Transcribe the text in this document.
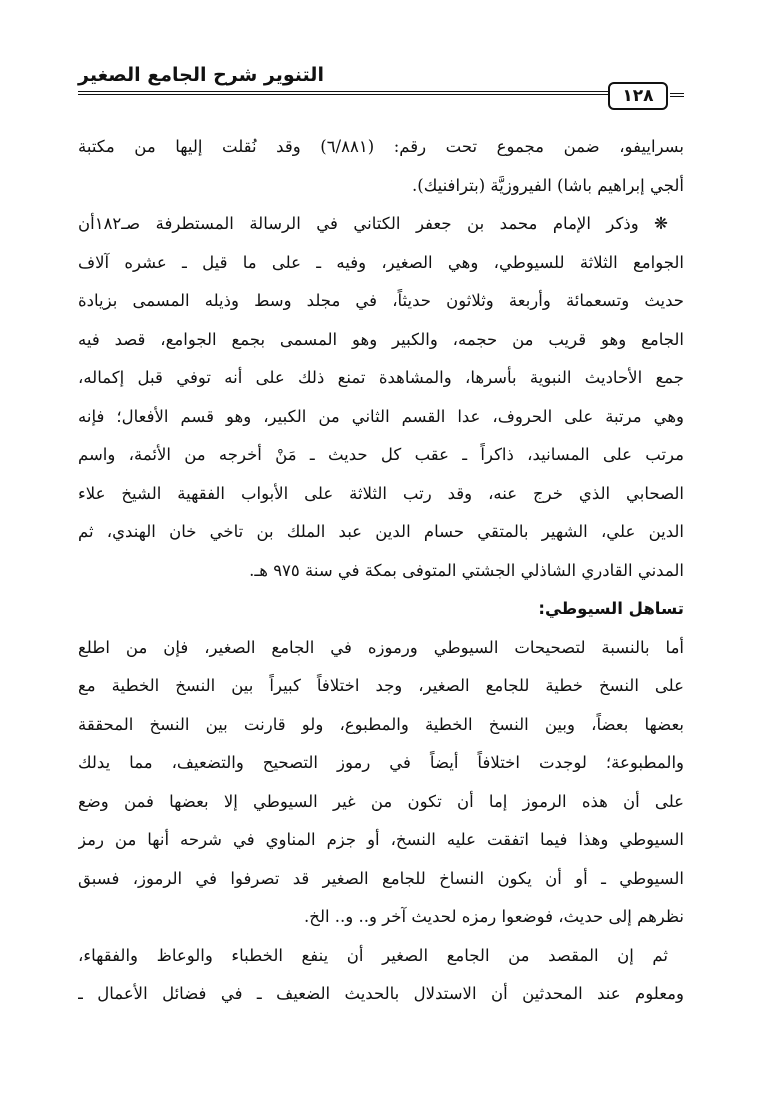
التنوير شرح الجامع الصغير
١٢٨
بسراييفو، ضمن مجموع تحت رقم: (٦/٨٨١) وقد نُقلت إليها من مكتبة
ألجي إبراهيم باشا) الفيروزيَّة (بترافنيك).
❋ وذكر الإمام محمد بن جعفر الكتاني في الرسالة المستطرفة صـ١٨٢أن
الجوامع الثلاثة للسيوطي، وهي الصغير، وفيه ـ على ما قيل ـ عشره آلاف
حديث وتسعمائة وأربعة وثلاثون حديثاً، في مجلد وسط وذيله المسمى بزيادة
الجامع وهو قريب من حجمه، والكبير وهو المسمى بجمع الجوامع، قصد فيه
جمع الأحاديث النبوية بأسرها، والمشاهدة تمنع ذلك على أنه توفي قبل إكماله،
وهي مرتبة على الحروف، عدا القسم الثاني من الكبير، وهو قسم الأفعال؛ فإنه
مرتب على المسانيد، ذاكراً ـ عقب كل حديث ـ مَنْ أخرجه من الأئمة، واسم
الصحابي الذي خرج عنه، وقد رتب الثلاثة على الأبواب الفقهية الشيخ علاء
الدين علي، الشهير بالمتقي حسام الدين عبد الملك بن تاخي خان الهندي، ثم
المدني القادري الشاذلي الجشتي المتوفى بمكة في سنة ٩٧٥ هـ.
تساهل السيوطي:
أما بالنسبة لتصحيحات السيوطي ورموزه في الجامع الصغير، فإن من اطلع
على النسخ خطية للجامع الصغير، وجد اختلافاً كبيراً بين النسخ الخطية مع
بعضها بعضاً، وبين النسخ الخطية والمطبوع، ولو قارنت بين النسخ المحققة
والمطبوعة؛ لوجدت اختلافاً أيضاً في رموز التصحيح والتضعيف، مما يدلك
على أن هذه الرموز إما أن تكون من غير السيوطي إلا بعضها فمن وضع
السيوطي وهذا فيما اتفقت عليه النسخ، أو جزم المناوي في شرحه أنها من رمز
السيوطي ـ أو أن يكون النساخ للجامع الصغير قد تصرفوا في الرموز، فسبق
نظرهم إلى حديث، فوضعوا رمزه لحديث آخر و.. و.. الخ.
ثم إن المقصد من الجامع الصغير أن ينفع الخطباء والوعاظ والفقهاء،
ومعلوم عند المحدثين أن الاستدلال بالحديث الضعيف ـ في فضائل الأعمال ـ
